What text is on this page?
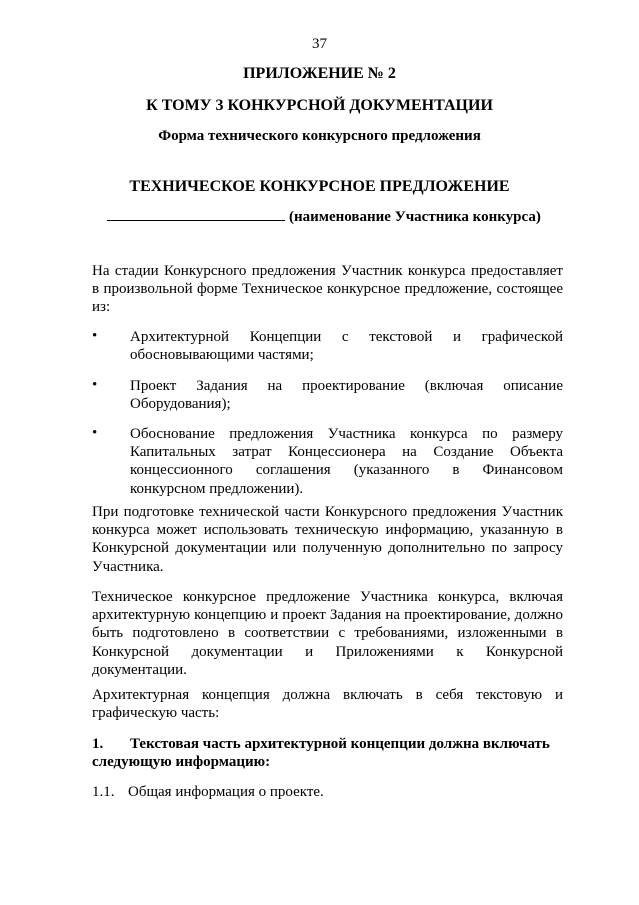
37
ПРИЛОЖЕНИЕ № 2
К ТОМУ 3 КОНКУРСНОЙ ДОКУМЕНТАЦИИ
Форма технического конкурсного предложения
ТЕХНИЧЕСКОЕ КОНКУРСНОЕ ПРЕДЛОЖЕНИЕ
(наименование Участника конкурса)
На стадии Конкурсного предложения Участник конкурса предоставляет
в произвольной форме Техническое конкурсное предложение, состоящее
из:
• Архитектурной Концепции с текстовой и графической
обосновывающими частями;
• Проект Задания на проектирование (включая описание
Оборудования);
• Обоснование предложения Участника конкурса по размеру
Капитальных затрат Концессионера на Создание Объекта
концессионного соглашения (указанного в Финансовом
конкурсном предложении).
При подготовке технической части Конкурсного предложения Участник
конкурса может использовать техническую информацию, указанную в
Конкурсной документации или полученную дополнительно по запросу
Участника.
Техническое конкурсное предложение Участника конкурса, включая
архитектурную концепцию и проект Задания на проектирование, должно
быть подготовлено в соответствии с требованиями, изложенными в
Конкурсной документации и Приложениями к Конкурсной
документации.
Архитектурная концепция должна включать в себя текстовую и
графическую часть:
1. Текстовая часть архитектурной концепции должна включать
следующую информацию:
1.1. Общая информация о проекте.
